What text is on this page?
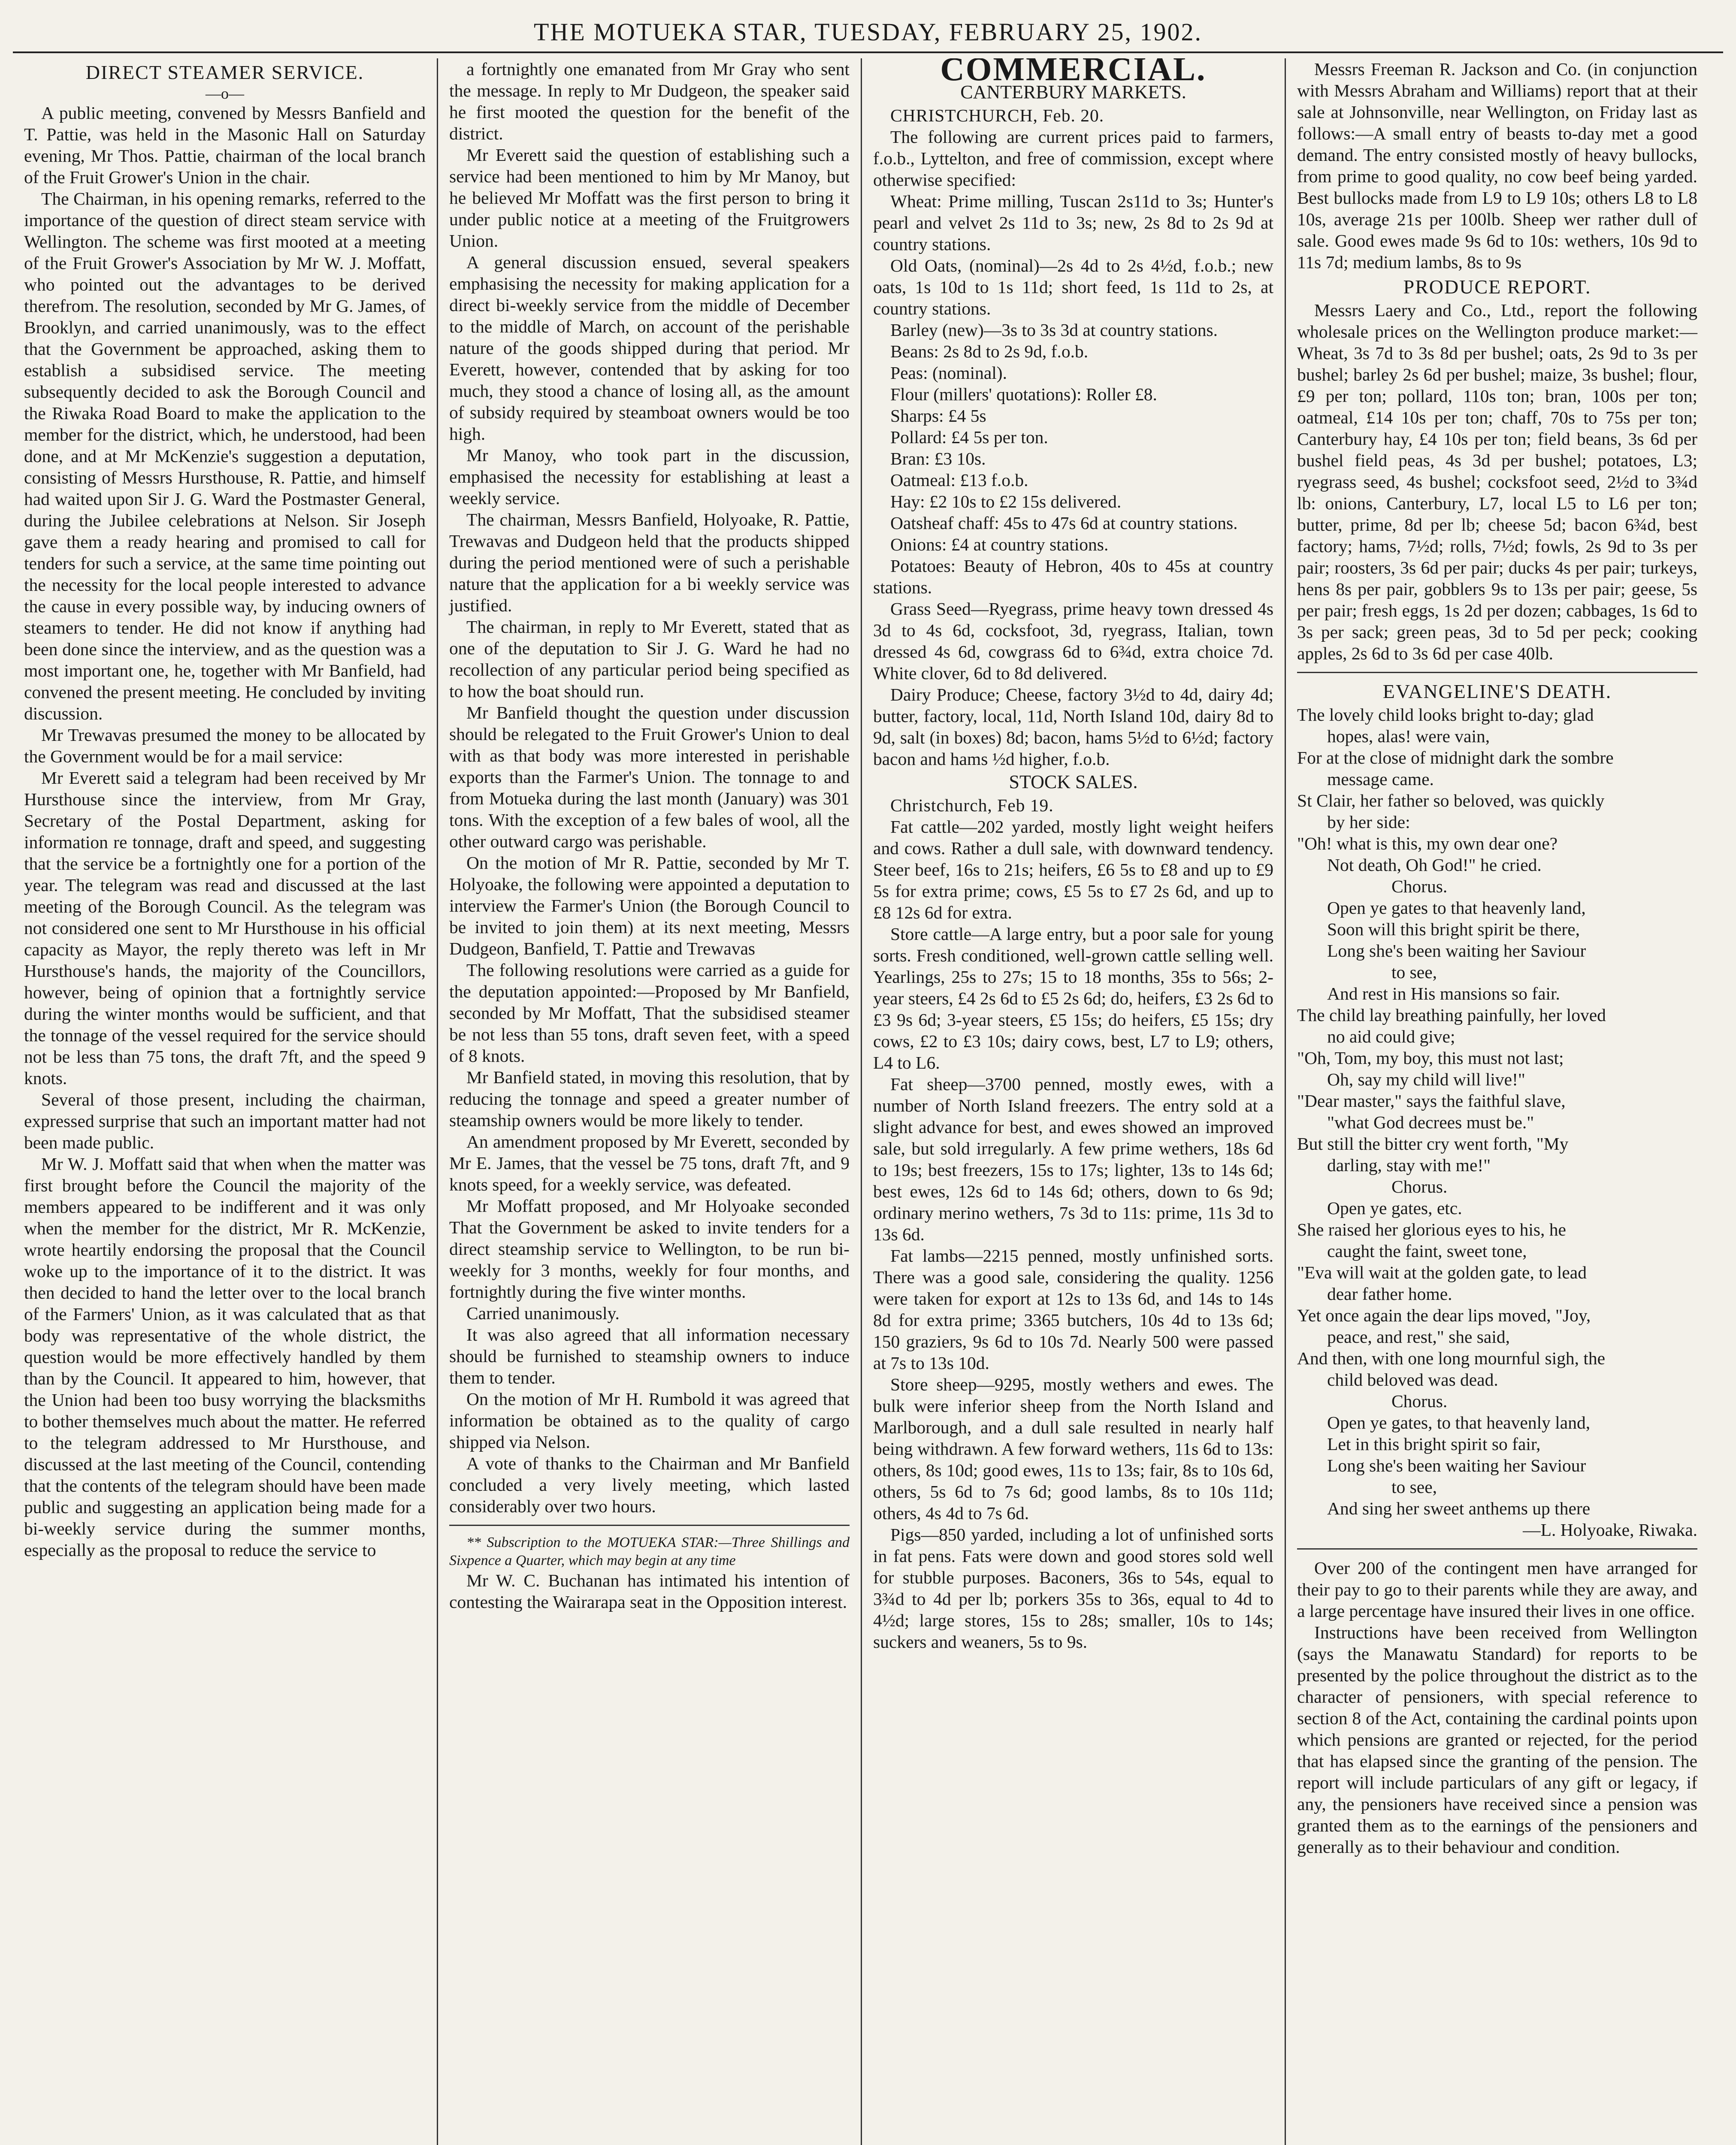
THE MOTUEKA STAR, TUESDAY, FEBRUARY 25, 1902.
DIRECT STEAMER SERVICE.
—o—

A public meeting, convened by Messrs Banfield and T. Pattie, was held in the Masonic Hall on Saturday evening, Mr Thos. Pattie, chairman of the local branch of the Fruit Grower's Union in the chair.

The Chairman, in his opening remarks, referred to the importance of the question of direct steam service with Wellington. The scheme was first mooted at a meeting of the Fruit Grower's Association by Mr W. J. Moffatt, who pointed out the advantages to be derived therefrom. The resolution, seconded by Mr G. James, of Brooklyn, and carried unanimously, was to the effect that the Government be approached, asking them to establish a subsidised service. The meeting subsequently decided to ask the Borough Council and the Riwaka Road Board to make the application to the member for the district, which, he understood, had been done, and at Mr McKenzie's suggestion a deputation, consisting of Messrs Hursthouse, R. Pattie, and himself had waited upon Sir J. G. Ward the Postmaster General, during the Jubilee celebrations at Nelson. Sir Joseph gave them a ready hearing and promised to call for tenders for such a service, at the same time pointing out the necessity for the local people interested to advance the cause in every possible way, by inducing owners of steamers to tender. He did not know if anything had been done since the interview, and as the question was a most important one, he, together with Mr Banfield, had convened the present meeting. He concluded by inviting discussion.

Mr Trewavas presumed the money to be allocated by the Government would be for a mail service:

Mr Everett said a telegram had been received by Mr Hursthouse since the interview, from Mr Gray, Secretary of the Postal Department, asking for information re tonnage, draft and speed, and suggesting that the service be a fortnightly one for a portion of the year. The telegram was read and discussed at the last meeting of the Borough Council. As the telegram was not considered one sent to Mr Hursthouse in his official capacity as Mayor, the reply thereto was left in Mr Hursthouse's hands, the majority of the Councillors, however, being of opinion that a fortnightly service during the winter months would be sufficient, and that the tonnage of the vessel required for the service should not be less than 75 tons, the draft 7ft, and the speed 9 knots.

Several of those present, including the chairman, expressed surprise that such an important matter had not been made public.

Mr W. J. Moffatt said that when when the matter was first brought before the Council the majority of the members appeared to be indifferent and it was only when the member for the district, Mr R. McKenzie, wrote heartily endorsing the proposal that the Council woke up to the importance of it to the district. It was then decided to hand the letter over to the local branch of the Farmers' Union, as it was calculated that as that body was representative of the whole district, the question would be more effectively handled by them than by the Council. It appeared to him, however, that the Union had been too busy worrying the blacksmiths to bother themselves much about the matter. He referred to the telegram addressed to Mr Hursthouse, and discussed at the last meeting of the Council, contending that the contents of the telegram should have been made public and suggesting an application being made for a bi-weekly service during the summer months, especially as the proposal to reduce the service to

a fortnightly one emanated from Mr Gray who sent the message. In reply to Mr Dudgeon, the speaker said he first mooted the question for the benefit of the district.

Mr Everett said the question of establishing such a service had been mentioned to him by Mr Manoy, but he believed Mr Moffatt was the first person to bring it under public notice at a meeting of the Fruitgrowers Union.

A general discussion ensued, several speakers emphasising the necessity for making application for a direct bi-weekly service from the middle of December to the middle of March, on account of the perishable nature of the goods shipped during that period. Mr Everett, however, contended that by asking for too much, they stood a chance of losing all, as the amount of subsidy required by steamboat owners would be too high.

Mr Manoy, who took part in the discussion, emphasised the necessity for establishing at least a weekly service.

The chairman, Messrs Banfield, Holyoake, R. Pattie, Trewavas and Dudgeon held that the products shipped during the period mentioned were of such a perishable nature that the application for a bi weekly service was justified.

The chairman, in reply to Mr Everett, stated that as one of the deputation to Sir J. G. Ward he had no recollection of any particular period being specified as to how the boat should run.

Mr Banfield thought the question under discussion should be relegated to the Fruit Grower's Union to deal with as that body was more interested in perishable exports than the Farmer's Union. The tonnage to and from Motueka during the last month (January) was 301 tons. With the exception of a few bales of wool, all the other outward cargo was perishable.

On the motion of Mr R. Pattie, seconded by Mr T. Holyoake, the following were appointed a deputation to interview the Farmer's Union (the Borough Council to be invited to join them) at its next meeting, Messrs Dudgeon, Banfield, T. Pattie and Trewavas

The following resolutions were carried as a guide for the deputation appointed:—Proposed by Mr Banfield, seconded by Mr Moffatt, That the subsidised steamer be not less than 55 tons, draft seven feet, with a speed of 8 knots.

Mr Banfield stated, in moving this resolution, that by reducing the tonnage and speed a greater number of steamship owners would be more likely to tender.

An amendment proposed by Mr Everett, seconded by Mr E. James, that the vessel be 75 tons, draft 7ft, and 9 knots speed, for a weekly service, was defeated.

Mr Moffatt proposed, and Mr Holyoake seconded That the Government be asked to invite tenders for a direct steamship service to Wellington, to be run bi-weekly for 3 months, weekly for four months, and fortnightly during the five winter months.

Carried unanimously.

It was also agreed that all information necessary should be furnished to steamship owners to induce them to tender.

On the motion of Mr H. Rumbold it was agreed that information be obtained as to the quality of cargo shipped via Nelson.

A vote of thanks to the Chairman and Mr Banfield concluded a very lively meeting, which lasted considerably over two hours.

** Subscription to the MOTUEKA STAR:—Three Shillings and Sixpence a Quarter, which may begin at any time

Mr W. C. Buchanan has intimated his intention of contesting the Wairarapa seat in the Opposition interest.

COMMERCIAL.
CANTERBURY MARKETS.

CHRISTCHURCH, Feb. 20.

The following are current prices paid to farmers, f.o.b., Lyttelton, and free of commission, except where otherwise specified:

Wheat: Prime milling, Tuscan 2s11d to 3s; Hunter's pearl and velvet 2s 11d to 3s; new, 2s 8d to 2s 9d at country stations.

Old Oats, (nominal)—2s 4d to 2s 4½d, f.o.b.; new oats, 1s 10d to 1s 11d; short feed, 1s 11d to 2s, at country stations.

Barley (new)—3s to 3s 3d at country stations.

Beans: 2s 8d to 2s 9d, f.o.b.

Peas: (nominal).

Flour (millers' quotations): Roller £8.

Sharps: £4 5s

Pollard: £4 5s per ton.

Bran: £3 10s.

Oatmeal: £13 f.o.b.

Hay: £2 10s to £2 15s delivered.

Oatsheaf chaff: 45s to 47s 6d at country stations.

Onions: £4 at country stations.

Potatoes: Beauty of Hebron, 40s to 45s at country stations.

Grass Seed—Ryegrass, prime heavy town dressed 4s 3d to 4s 6d, cocksfoot, 3d, ryegrass, Italian, town dressed 4s 6d, cowgrass 6d to 6¾d, extra choice 7d. White clover, 6d to 8d delivered.

Dairy Produce; Cheese, factory 3½d to 4d, dairy 4d; butter, factory, local, 11d, North Island 10d, dairy 8d to 9d, salt (in boxes) 8d; bacon, hams 5½d to 6½d; factory bacon and hams ½d higher, f.o.b.

STOCK SALES.

Christchurch, Feb 19.

Fat cattle—202 yarded, mostly light weight heifers and cows. Rather a dull sale, with downward tendency. Steer beef, 16s to 21s; heifers, £6 5s to £8 and up to £9 5s for extra prime; cows, £5 5s to £7 2s 6d, and up to £8 12s 6d for extra.

Store cattle—A large entry, but a poor sale for young sorts. Fresh conditioned, well-grown cattle selling well. Yearlings, 25s to 27s; 15 to 18 months, 35s to 56s; 2-year steers, £4 2s 6d to £5 2s 6d; do, heifers, £3 2s 6d to £3 9s 6d; 3-year steers, £5 15s; do heifers, £5 15s; dry cows, £2 to £3 10s; dairy cows, best, L7 to L9; others, L4 to L6.

Fat sheep—3700 penned, mostly ewes, with a number of North Island freezers. The entry sold at a slight advance for best, and ewes showed an improved sale, but sold irregularly. A few prime wethers, 18s 6d to 19s; best freezers, 15s to 17s; lighter, 13s to 14s 6d; best ewes, 12s 6d to 14s 6d; others, down to 6s 9d; ordinary merino wethers, 7s 3d to 11s: prime, 11s 3d to 13s 6d.

Fat lambs—2215 penned, mostly unfinished sorts. There was a good sale, considering the quality. 1256 were taken for export at 12s to 13s 6d, and 14s to 14s 8d for extra prime; 3365 butchers, 10s 4d to 13s 6d; 150 graziers, 9s 6d to 10s 7d. Nearly 500 were passed at 7s to 13s 10d.

Store sheep—9295, mostly wethers and ewes. The bulk were inferior sheep from the North Island and Marlborough, and a dull sale resulted in nearly half being withdrawn. A few forward wethers, 11s 6d to 13s: others, 8s 10d; good ewes, 11s to 13s; fair, 8s to 10s 6d, others, 5s 6d to 7s 6d; good lambs, 8s to 10s 11d; others, 4s 4d to 7s 6d.

Pigs—850 yarded, including a lot of unfinished sorts in fat pens. Fats were down and good stores sold well for stubble purposes. Baconers, 36s to 54s, equal to 3¾d to 4d per lb; porkers 35s to 36s, equal to 4d to 4½d; large stores, 15s to 28s; smaller, 10s to 14s; suckers and weaners, 5s to 9s.

Messrs Freeman R. Jackson and Co. (in conjunction with Messrs Abraham and Williams) report that at their sale at Johnsonville, near Wellington, on Friday last as follows:—A small entry of beasts to-day met a good demand. The entry consisted mostly of heavy bullocks, from prime to good quality, no cow beef being yarded. Best bullocks made from L9 to L9 10s; others L8 to L8 10s, average 21s per 100lb. Sheep wer rather dull of sale. Good ewes made 9s 6d to 10s: wethers, 10s 9d to 11s 7d; medium lambs, 8s to 9s

PRODUCE REPORT.

Messrs Laery and Co., Ltd., report the following wholesale prices on the Wellington produce market:—Wheat, 3s 7d to 3s 8d per bushel; oats, 2s 9d to 3s per bushel; barley 2s 6d per bushel; maize, 3s bushel; flour, £9 per ton; pollard, 110s ton; bran, 100s per ton; oatmeal, £14 10s per ton; chaff, 70s to 75s per ton; Canterbury hay, £4 10s per ton; field beans, 3s 6d per bushel field peas, 4s 3d per bushel; potatoes, L3; ryegrass seed, 4s bushel; cocksfoot seed, 2½d to 3¾d lb: onions, Canterbury, L7, local L5 to L6 per ton; butter, prime, 8d per lb; cheese 5d; bacon 6¾d, best factory; hams, 7½d; rolls, 7½d; fowls, 2s 9d to 3s per pair; roosters, 3s 6d per pair; ducks 4s per pair; turkeys, hens 8s per pair, gobblers 9s to 13s per pair; geese, 5s per pair; fresh eggs, 1s 2d per dozen; cabbages, 1s 6d to 3s per sack; green peas, 3d to 5d per peck; cooking apples, 2s 6d to 3s 6d per case 40lb.

EVANGELINE'S DEATH.

The lovely child looks bright to-day; glad

hopes, alas! were vain,

For at the close of midnight dark the sombre

message came.

St Clair, her father so beloved, was quickly

by her side:

"Oh! what is this, my own dear one?

Not death, Oh God!" he cried.

Chorus.

Open ye gates to that heavenly land,

Soon will this bright spirit be there,

Long she's been waiting her Saviour

to see,

And rest in His mansions so fair.

The child lay breathing painfully, her loved

no aid could give;

"Oh, Tom, my boy, this must not last;

Oh, say my child will live!"

"Dear master," says the faithful slave,

"what God decrees must be."

But still the bitter cry went forth, "My

darling, stay with me!"

Chorus.

Open ye gates, etc.

She raised her glorious eyes to his, he

caught the faint, sweet tone,

"Eva will wait at the golden gate, to lead

dear father home.

Yet once again the dear lips moved, "Joy,

peace, and rest," she said,

And then, with one long mournful sigh, the

child beloved was dead.

Chorus.

Open ye gates, to that heavenly land,

Let in this bright spirit so fair,

Long she's been waiting her Saviour

to see,

And sing her sweet anthems up there

—L. Holyoake, Riwaka.

Over 200 of the contingent men have arranged for their pay to go to their parents while they are away, and a large percentage have insured their lives in one office.

Instructions have been received from Wellington (says the Manawatu Standard) for reports to be presented by the police throughout the district as to the character of pensioners, with special reference to section 8 of the Act, containing the cardinal points upon which pensions are granted or rejected, for the period that has elapsed since the granting of the pension. The report will include particulars of any gift or legacy, if any, the pensioners have received since a pension was granted them as to the earnings of the pensioners and generally as to their behaviour and condition.
